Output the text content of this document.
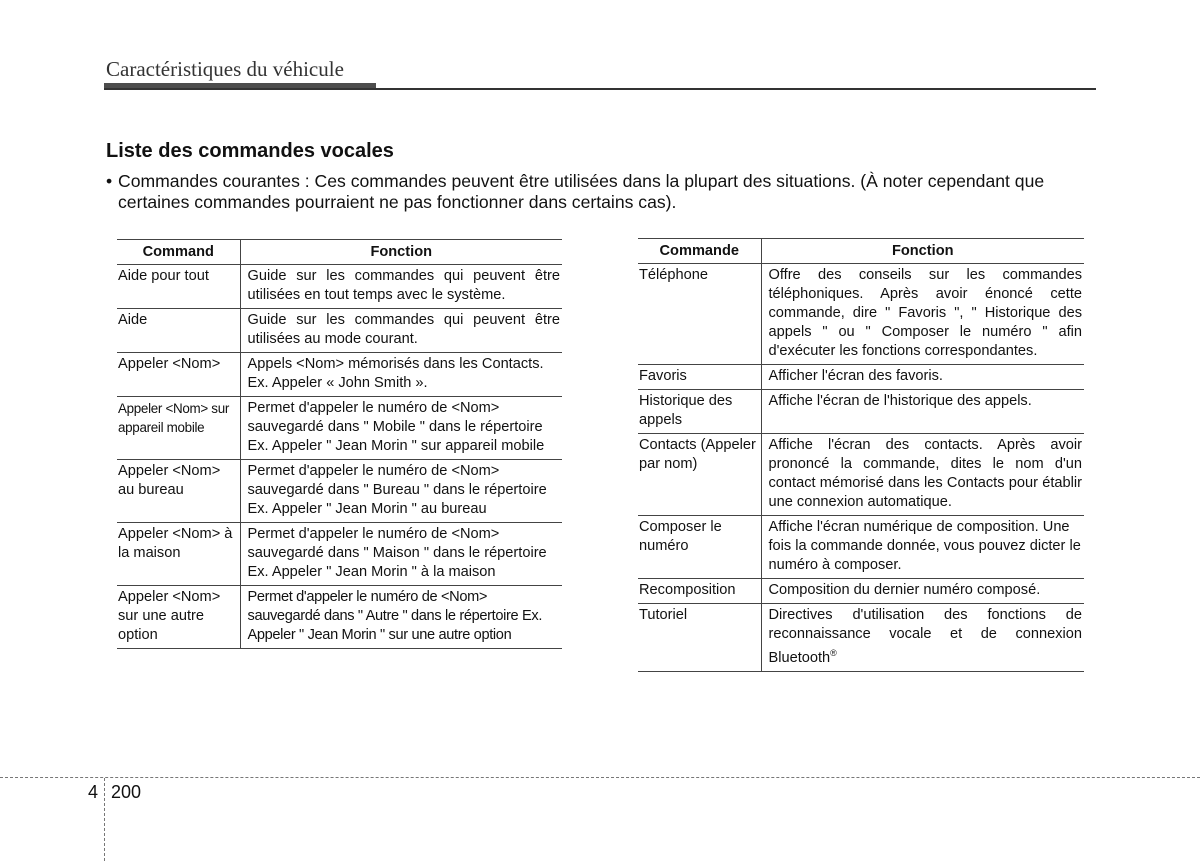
Caractéristiques du véhicule
Liste des commandes vocales
• Commandes courantes : Ces commandes peuvent être utilisées dans la plupart des situations. (À noter cependant que certaines commandes pourraient ne pas fonctionner dans certains cas).
Command	Fonction
Aide pour tout	Guide sur les commandes qui peuvent être utilisées en tout temps avec le système.
Aide	Guide sur les commandes qui peuvent être utilisées au mode courant.
Appeler <Nom>	Appels <Nom> mémorisés dans les Contacts. Ex. Appeler « John Smith ».
Appeler <Nom> sur appareil mobile	Permet d'appeler le numéro de <Nom> sauvegardé dans " Mobile " dans le répertoire Ex. Appeler " Jean Morin " sur appareil mobile
Appeler <Nom> au bureau	Permet d'appeler le numéro de <Nom> sauvegardé dans " Bureau " dans le répertoire Ex. Appeler " Jean Morin " au bureau
Appeler <Nom> à la maison	Permet d'appeler le numéro de <Nom> sauvegardé dans " Maison " dans le répertoire Ex. Appeler " Jean Morin " à la maison
Appeler <Nom> sur une autre option	Permet d'appeler le numéro de <Nom> sauvegardé dans " Autre " dans le répertoire Ex. Appeler " Jean Morin " sur une autre option
Commande	Fonction
Téléphone	Offre des conseils sur les commandes téléphoniques. Après avoir énoncé cette commande, dire " Favoris ", " Historique des appels " ou " Composer le numéro " afin d'exécuter les fonctions correspondantes.
Favoris	Afficher l'écran des favoris.
Historique des appels	Affiche l'écran de l'historique des appels.
Contacts (Appeler par nom)	Affiche l'écran des contacts. Après avoir prononcé la commande, dites le nom d'un contact mémorisé dans les Contacts pour établir une connexion automatique.
Composer le numéro	Affiche l'écran numérique de composition. Une fois la commande donnée, vous pouvez dicter le numéro à composer.
Recomposition	Composition du dernier numéro composé.
Tutoriel	Directives d'utilisation des fonctions de reconnaissance vocale et de connexion Bluetooth®
4 200
